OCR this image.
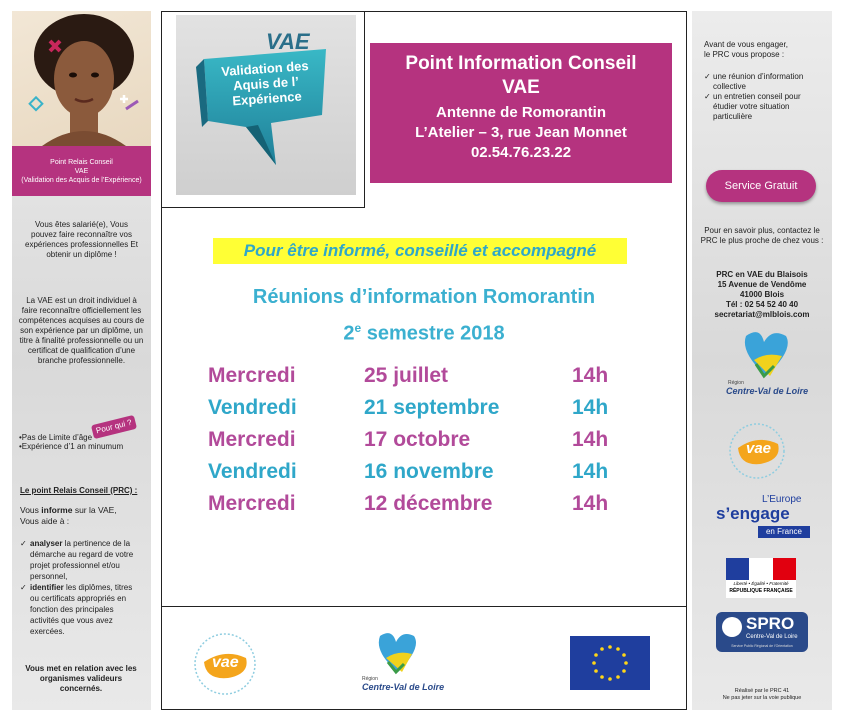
Point Relais Conseil
VAE
(Validation des Acquis de l’Expérience)
Vous êtes salarié(e), Vous pouvez faire reconnaître vos expériences professionnelles Et obtenir un diplôme !
La VAE est un droit individuel à faire reconnaître officiellement les compétences acquises au cours de son expérience par un diplôme, un titre à finalité professionnelle ou un certificat de qualification d’une branche professionnelle.
Pour qui ?
•Pas de Limite d’âge
•Expérience d’1 an minumum
Le point Relais Conseil (PRC) :
Vous informe sur la VAE,
Vous aide à :
✓ analyser la pertinence de la démarche au regard de votre projet professionnel et/ou personnel,
✓ identifier les diplômes, titres ou certificats appropriés en fonction des principales activités que vous avez exercées.
Vous met en relation avec les organismes valideurs concernés.
VAE
Validation des
Aquis de l’
Expérience
Point Information Conseil
VAE
Antenne de Romorantin
L’Atelier – 3, rue Jean Monnet
02.54.76.23.22
Pour être informé, conseillé et accompagné
Réunions d’information Romorantin
2e semestre 2018
Mercredi	25 juillet	14h
Vendredi	21 septembre	14h
Mercredi	17 octobre	14h
Vendredi	16 novembre	14h
Mercredi	12 décembre	14h
vae
Région
Centre-Val de Loire
Avant de vous engager,
le PRC vous propose :
✓ une réunion d’information collective
✓ un entretien conseil pour étudier votre situation particulière
Service Gratuit
Pour en savoir plus, contactez le PRC le plus proche de chez vous :
PRC en VAE du Blaisois
15 Avenue de Vendôme
41000 Blois
Tél : 02 54 52 40 40
secretariat@mlblois.com
Région
Centre-Val de Loire
vae
L’Europe
s’engage
en France
Liberté • Égalité • Fraternité
RÉPUBLIQUE FRANÇAISE
SPRO
Centre-Val de Loire
Service Public Régional de l’Orientation
Réalisé par le PRC 41
Ne pas jeter sur la voie publique
